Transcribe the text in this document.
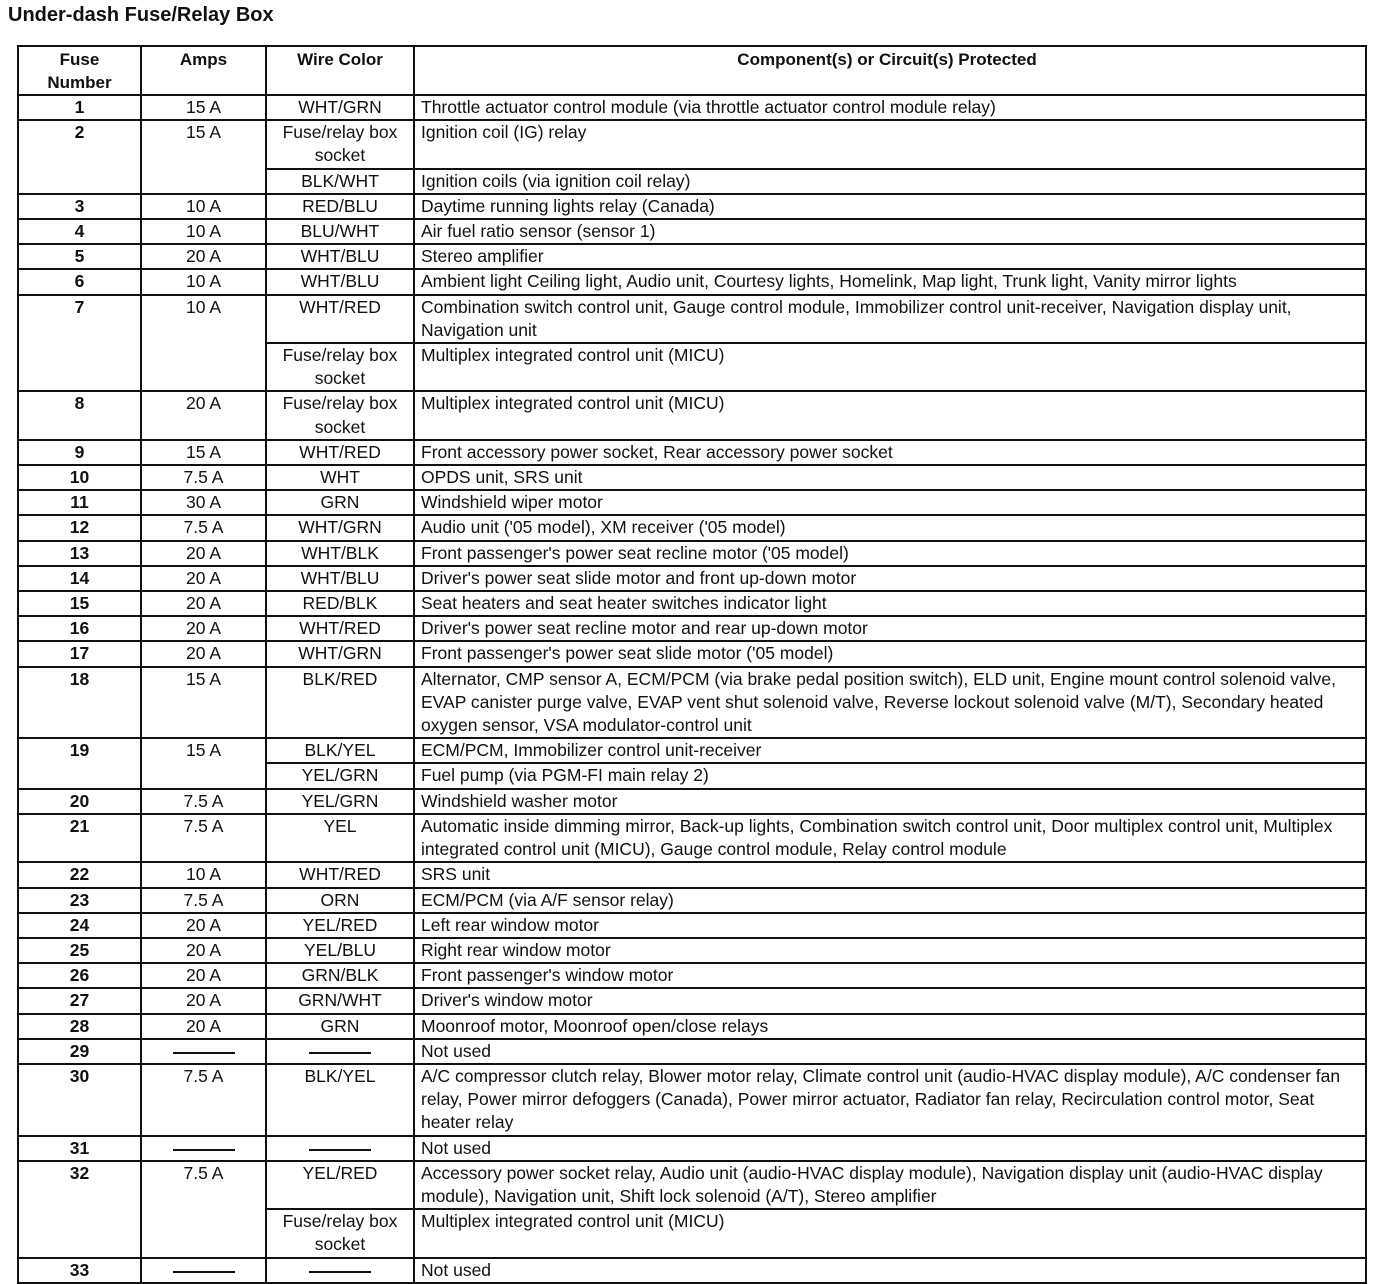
Under-dash Fuse/Relay Box
Fuse
Number	Amps	Wire Color	Component(s) or Circuit(s) Protected
1	15 A	WHT/GRN	Throttle actuator control module (via throttle actuator control module relay)
2	15 A	Fuse/relay box socket	Ignition coil (IG) relay
		BLK/WHT	Ignition coils (via ignition coil relay)
3	10 A	RED/BLU	Daytime running lights relay (Canada)
4	10 A	BLU/WHT	Air fuel ratio sensor (sensor 1)
5	20 A	WHT/BLU	Stereo amplifier
6	10 A	WHT/BLU	Ambient light Ceiling light, Audio unit, Courtesy lights, Homelink, Map light, Trunk light, Vanity mirror lights
7	10 A	WHT/RED	Combination switch control unit, Gauge control module, Immobilizer control unit-receiver, Navigation display unit, Navigation unit
		Fuse/relay box socket	Multiplex integrated control unit (MICU)
8	20 A	Fuse/relay box socket	Multiplex integrated control unit (MICU)
9	15 A	WHT/RED	Front accessory power socket, Rear accessory power socket
10	7.5 A	WHT	OPDS unit, SRS unit
11	30 A	GRN	Windshield wiper motor
12	7.5 A	WHT/GRN	Audio unit ('05 model), XM receiver ('05 model)
13	20 A	WHT/BLK	Front passenger's power seat recline motor ('05 model)
14	20 A	WHT/BLU	Driver's power seat slide motor and front up-down motor
15	20 A	RED/BLK	Seat heaters and seat heater switches indicator light
16	20 A	WHT/RED	Driver's power seat recline motor and rear up-down motor
17	20 A	WHT/GRN	Front passenger's power seat slide motor ('05 model)
18	15 A	BLK/RED	Alternator, CMP sensor A, ECM/PCM (via brake pedal position switch), ELD unit, Engine mount control solenoid valve, EVAP canister purge valve, EVAP vent shut solenoid valve, Reverse lockout solenoid valve (M/T), Secondary heated oxygen sensor, VSA modulator-control unit
19	15 A	BLK/YEL	ECM/PCM, Immobilizer control unit-receiver
		YEL/GRN	Fuel pump (via PGM-FI main relay 2)
20	7.5 A	YEL/GRN	Windshield washer motor
21	7.5 A	YEL	Automatic inside dimming mirror, Back-up lights, Combination switch control unit, Door multiplex control unit, Multiplex integrated control unit (MICU), Gauge control module, Relay control module
22	10 A	WHT/RED	SRS unit
23	7.5 A	ORN	ECM/PCM (via A/F sensor relay)
24	20 A	YEL/RED	Left rear window motor
25	20 A	YEL/BLU	Right rear window motor
26	20 A	GRN/BLK	Front passenger's window motor
27	20 A	GRN/WHT	Driver's window motor
28	20 A	GRN	Moonroof motor, Moonroof open/close relays
29			Not used
30	7.5 A	BLK/YEL	A/C compressor clutch relay, Blower motor relay, Climate control unit (audio-HVAC display module), A/C condenser fan relay, Power mirror defoggers (Canada), Power mirror actuator, Radiator fan relay, Recirculation control motor, Seat heater relay
31			Not used
32	7.5 A	YEL/RED	Accessory power socket relay, Audio unit (audio-HVAC display module), Navigation display unit (audio-HVAC display module), Navigation unit, Shift lock solenoid (A/T), Stereo amplifier
		Fuse/relay box socket	Multiplex integrated control unit (MICU)
33			Not used
